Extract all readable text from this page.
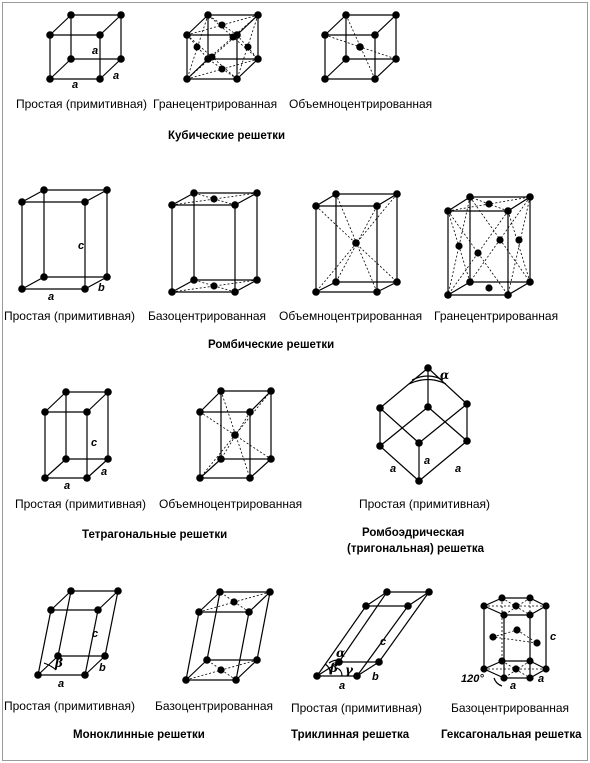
a
a
a
c
a
b
c
a
a
α
a
a
a
c
β
a
b
α
β γ
c
a
b
c
120°
a
a
Простая (примитивная) Гранецентрированная Объемноцентрированная
Кубические решетки
Простая (примитивная) Базоцентрированная Объемноцентрированная Гранецентрированная
Ромбические решетки
Простая (примитивная) Объемноцентрированная
Тетрагональные решетки
Простая (примитивная)
Ромбоэдрическая
(тригональная) решетка
Простая (примитивная) Базоцентрированная
Моноклинные решетки
Простая (примитивная)
Триклинная решетка
Базоцентрированная
Гексагональная решетка
